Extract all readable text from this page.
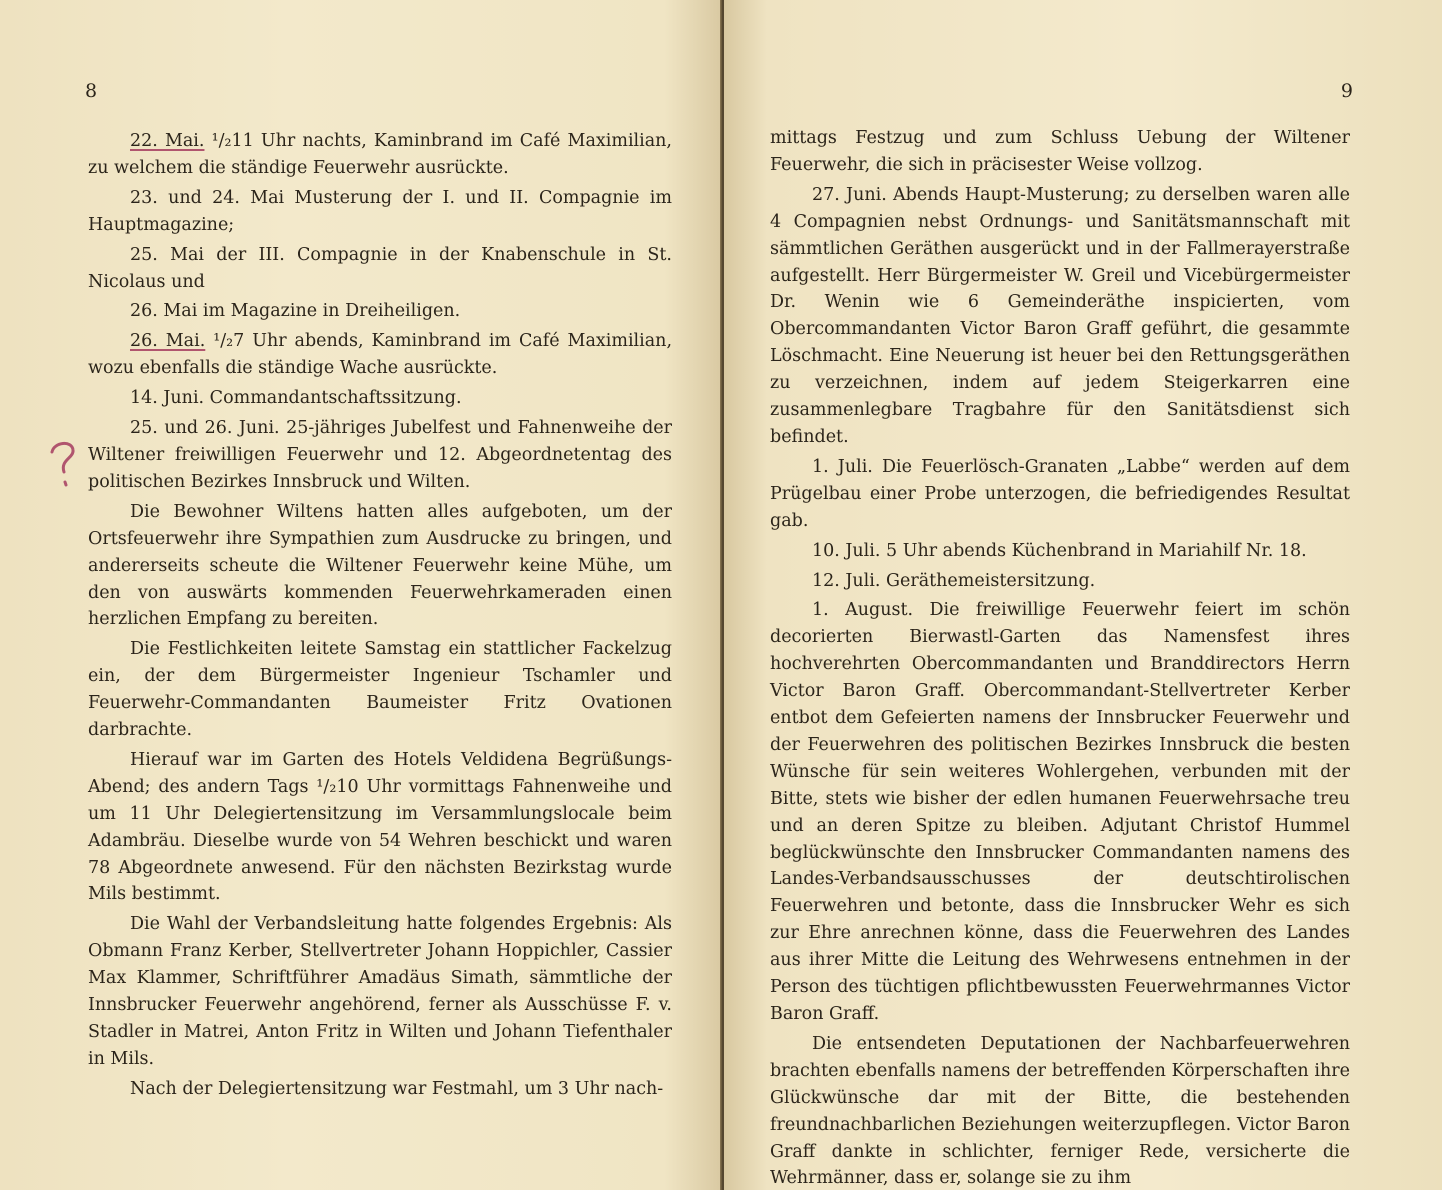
8

22. Mai. ¹/₂11 Uhr nachts, Kaminbrand im Café Maximilian, zu welchem die ständige Feuerwehr ausrückte.

23. und 24. Mai Musterung der I. und II. Compagnie im Hauptmagazine;

25. Mai der III. Compagnie in der Knabenschule in St. Nicolaus und

26. Mai im Magazine in Dreiheiligen.

26. Mai. ¹/₂7 Uhr abends, Kaminbrand im Café Maximilian, wozu ebenfalls die ständige Wache ausrückte.

14. Juni. Commandantschaftssitzung.

25. und 26. Juni. 25-jähriges Jubelfest und Fahnenweihe der Wiltener freiwilligen Feuerwehr und 12. Abgeordnetentag des politischen Bezirkes Innsbruck und Wilten.

Die Bewohner Wiltens hatten alles aufgeboten, um der Ortsfeuerwehr ihre Sympathien zum Ausdrucke zu bringen, und andererseits scheute die Wiltener Feuerwehr keine Mühe, um den von auswärts kommenden Feuerwehrkameraden einen herzlichen Empfang zu bereiten.

Die Festlichkeiten leitete Samstag ein stattlicher Fackelzug ein, der dem Bürgermeister Ingenieur Tschamler und Feuerwehr-Commandanten Baumeister Fritz Ovationen darbrachte.

Hierauf war im Garten des Hotels Veldidena Begrüßungs-Abend; des andern Tags ¹/₂10 Uhr vormittags Fahnenweihe und um 11 Uhr Delegiertensitzung im Versammlungslocale beim Adambräu. Dieselbe wurde von 54 Wehren beschickt und waren 78 Abgeordnete anwesend. Für den nächsten Bezirkstag wurde Mils bestimmt.

Die Wahl der Verbandsleitung hatte folgendes Ergebnis: Als Obmann Franz Kerber, Stellvertreter Johann Hoppichler, Cassier Max Klammer, Schriftführer Amadäus Simath, sämmtliche der Innsbrucker Feuerwehr angehörend, ferner als Ausschüsse F. v. Stadler in Matrei, Anton Fritz in Wilten und Johann Tiefenthaler in Mils.

Nach der Delegiertensitzung war Festmahl, um 3 Uhr nach-

9

mittags Festzug und zum Schluss Uebung der Wiltener Feuerwehr, die sich in präcisester Weise vollzog.

27. Juni. Abends Haupt-Musterung; zu derselben waren alle 4 Compagnien nebst Ordnungs- und Sanitätsmannschaft mit sämmtlichen Geräthen ausgerückt und in der Fallmerayerstraße aufgestellt. Herr Bürgermeister W. Greil und Vicebürgermeister Dr. Wenin wie 6 Gemeinderäthe inspicierten, vom Obercommandanten Victor Baron Graff geführt, die gesammte Löschmacht. Eine Neuerung ist heuer bei den Rettungsgeräthen zu verzeichnen, indem auf jedem Steigerkarren eine zusammenlegbare Tragbahre für den Sanitätsdienst sich befindet.

1. Juli. Die Feuerlösch-Granaten „Labbe“ werden auf dem Prügelbau einer Probe unterzogen, die befriedigendes Resultat gab.

10. Juli. 5 Uhr abends Küchenbrand in Mariahilf Nr. 18.

12. Juli. Geräthemeistersitzung.

1. August. Die freiwillige Feuerwehr feiert im schön decorierten Bierwastl-Garten das Namensfest ihres hochverehrten Obercommandanten und Branddirectors Herrn Victor Baron Graff. Obercommandant-Stellvertreter Kerber entbot dem Gefeierten namens der Innsbrucker Feuerwehr und der Feuerwehren des politischen Bezirkes Innsbruck die besten Wünsche für sein weiteres Wohlergehen, verbunden mit der Bitte, stets wie bisher der edlen humanen Feuerwehrsache treu und an deren Spitze zu bleiben. Adjutant Christof Hummel beglückwünschte den Innsbrucker Commandanten namens des Landes-Verbandsausschusses der deutschtirolischen Feuerwehren und betonte, dass die Innsbrucker Wehr es sich zur Ehre anrechnen könne, dass die Feuerwehren des Landes aus ihrer Mitte die Leitung des Wehrwesens entnehmen in der Person des tüchtigen pflichtbewussten Feuerwehrmannes Victor Baron Graff.

Die entsendeten Deputationen der Nachbarfeuerwehren brachten ebenfalls namens der betreffenden Körperschaften ihre Glückwünsche dar mit der Bitte, die bestehenden freundnachbarlichen Beziehungen weiterzupflegen. Victor Baron Graff dankte in schlichter, ferniger Rede, versicherte die Wehrmänner, dass er, solange sie zu ihm
